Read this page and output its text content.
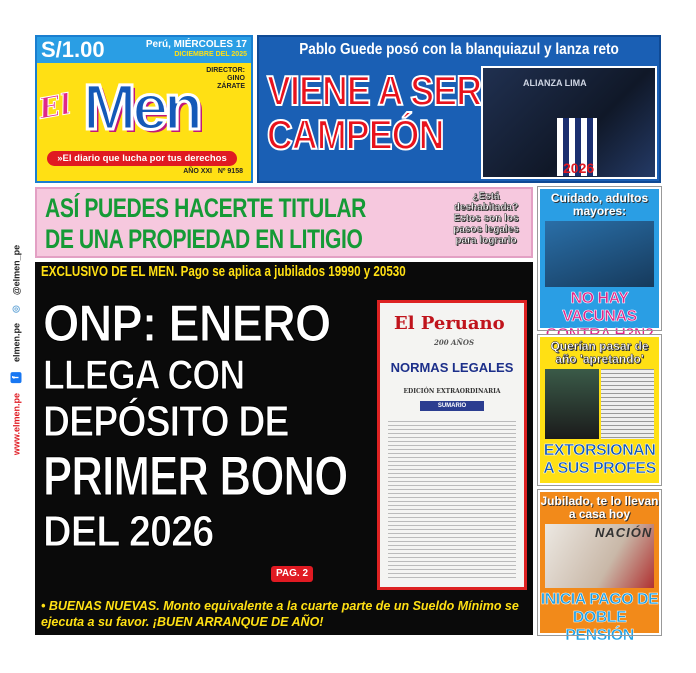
www.elmen.pe
f
elmen.pe
◎
@elmen_pe
S/1.00	Perú, MIÉRCOLES 17
DICIEMBRE DEL 2025
DIRECTOR:
GINO
ZÁRATE
Men
El
»El diario que lucha por tus derechos
AÑO XXI Nº 9158
Pablo Guede posó con la blanquiazul y lanza reto
ALIANZA LIMA
2026
VIENE A SER
CAMPEÓN
ASÍ PUEDES HACERTE TITULAR
DE UNA PROPIEDAD EN LITIGIO
¿Está deshabitada? Estos son los pasos legales para lograrlo
EXCLUSIVO DE EL MEN. Pago se aplica a jubilados 19990 y 20530
El Peruano
200 AÑOS
NORMAS LEGALES
EDICIÓN EXTRAORDINARIA
SUMARIO
ONP: ENERO
LLEGA CON
DEPÓSITO DE
PRIMER BONO
DEL 2026
PAG. 2
• BUENAS NUEVAS. Monto equivalente a la cuarte parte de un Sueldo Mínimo se ejecuta a su favor. ¡BUEN ARRANQUE DE AÑO!
Cuidado, adultos mayores:
NO HAY VACUNAS
Querían pasar de año 'apretando'
EXTORSIONAN A SUS PROFES
Jubilado, te lo llevan a casa hoy
NACIÓN
INICIA PAGO DE DOBLE PENSIÓN
